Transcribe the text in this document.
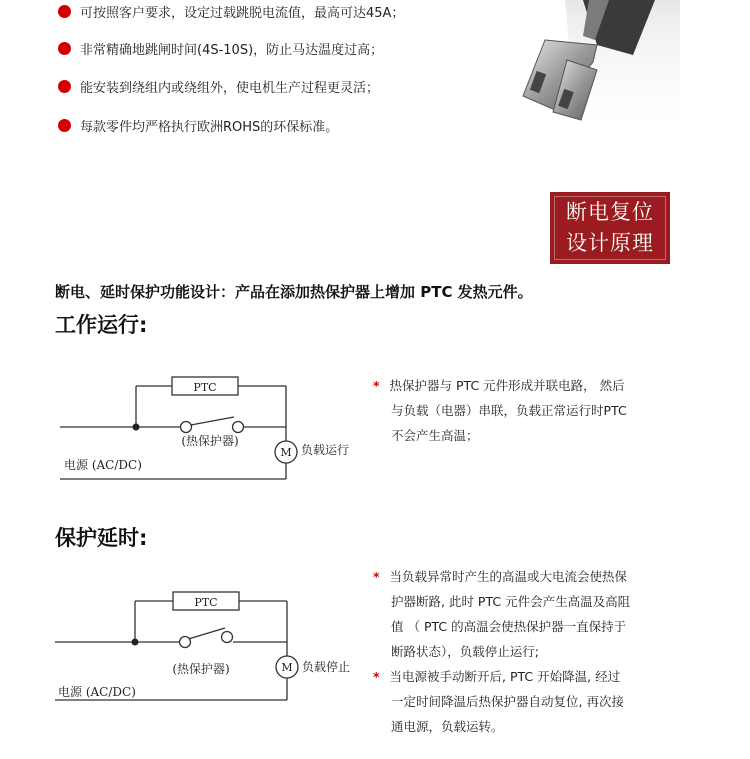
可按照客户要求，设定过载跳脱电流值，最高可达45A；
非常精确地跳闸时间(4S-10S)，防止马达温度过高；
能安装到绕组内或绕组外，使电机生产过程更灵活；
每款零件均严格执行欧洲ROHS的环保标准。
断电复位
设计原理
断电、延时保护功能设计：产品在添加热保护器上增加 PTC 发热元件。
工作运行:
PTC
(热保护器)
M 负载运行
电源 (AC/DC)
* 热保护器与 PTC 元件形成并联电路， 然后
与负载（电器）串联，负载正常运行时PTC
不会产生高温；
保护延时:
PTC
(热保护器)	M 负载停止
电源 (AC/DC)
* 当负载异常时产生的高温或大电流会使热保
护器断路, 此时 PTC 元件会产生高温及高阻
值 （ PTC 的高温会使热保护器一直保持于
断路状态），负载停止运行;
* 当电源被手动断开后, PTC 开始降温, 经过
一定时间降温后热保护器自动复位, 再次接
通电源，负载运转。
